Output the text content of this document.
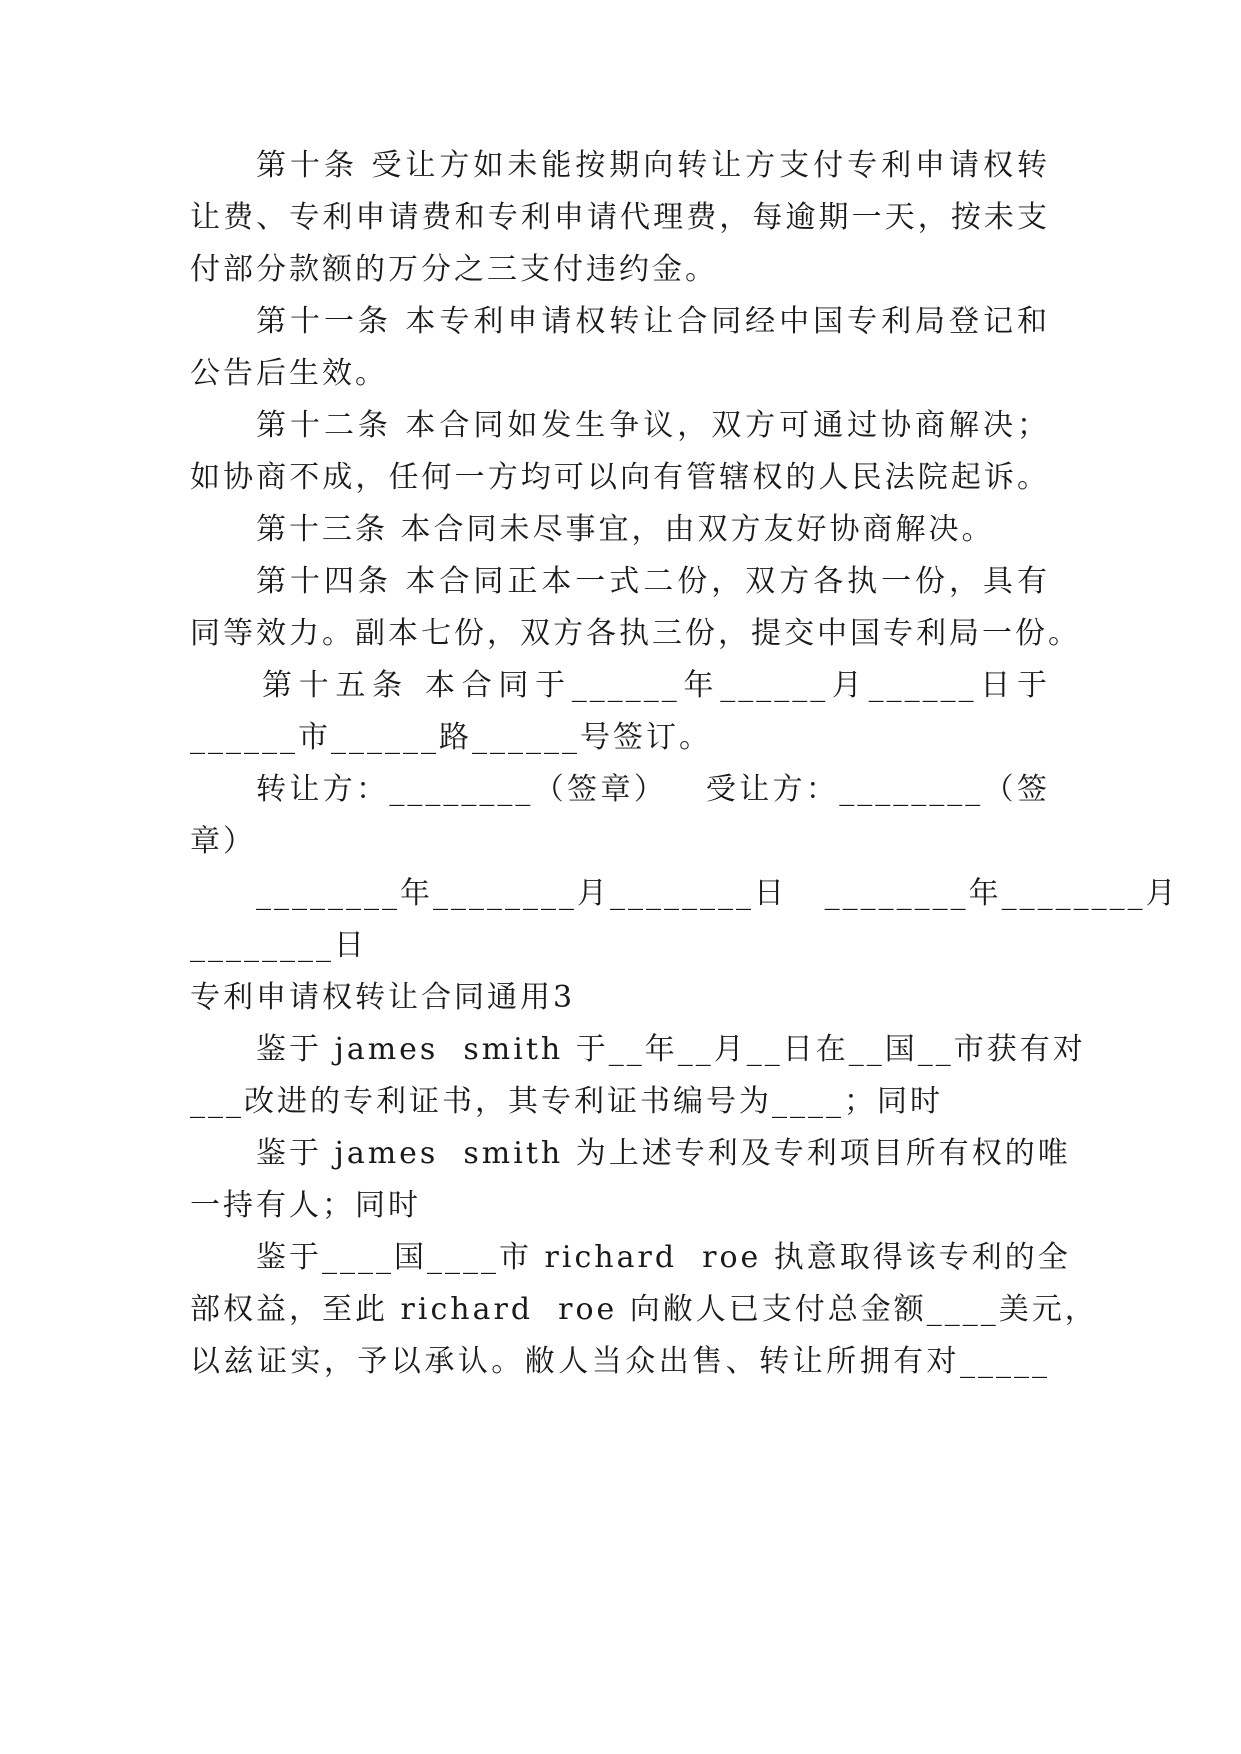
第十条 受让方如未能按期向转让方支付专利申请权转
让费、专利申请费和专利申请代理费，每逾期一天，按未支
付部分款额的万分之三支付违约金。
第十一条 本专利申请权转让合同经中国专利局登记和
公告后生效。
第十二条 本合同如发生争议，双方可通过协商解决；
如协商不成，任何一方均可以向有管辖权的人民法院起诉。
第十三条 本合同未尽事宜，由双方友好协商解决。
第十四条 本合同正本一式二份，双方各执一份，具有
同等效力。副本七份，双方各执三份，提交中国专利局一份。
第十五条 本合同于______年______月______日于
______市______路______号签订。
转让方：________（签章）   受让方：________（签
章）
________年________月________日   ________年________月
________日
专利申请权转让合同通用3
鉴于 james  smith 于__年__月__日在__国__市获有对
___改进的专利证书，其专利证书编号为____；同时
鉴于 james  smith 为上述专利及专利项目所有权的唯
一持有人；同时
鉴于____国____市 richard  roe 执意取得该专利的全
部权益，至此 richard  roe 向敝人已支付总金额____美元，
以兹证实，予以承认。敝人当众出售、转让所拥有对_____
